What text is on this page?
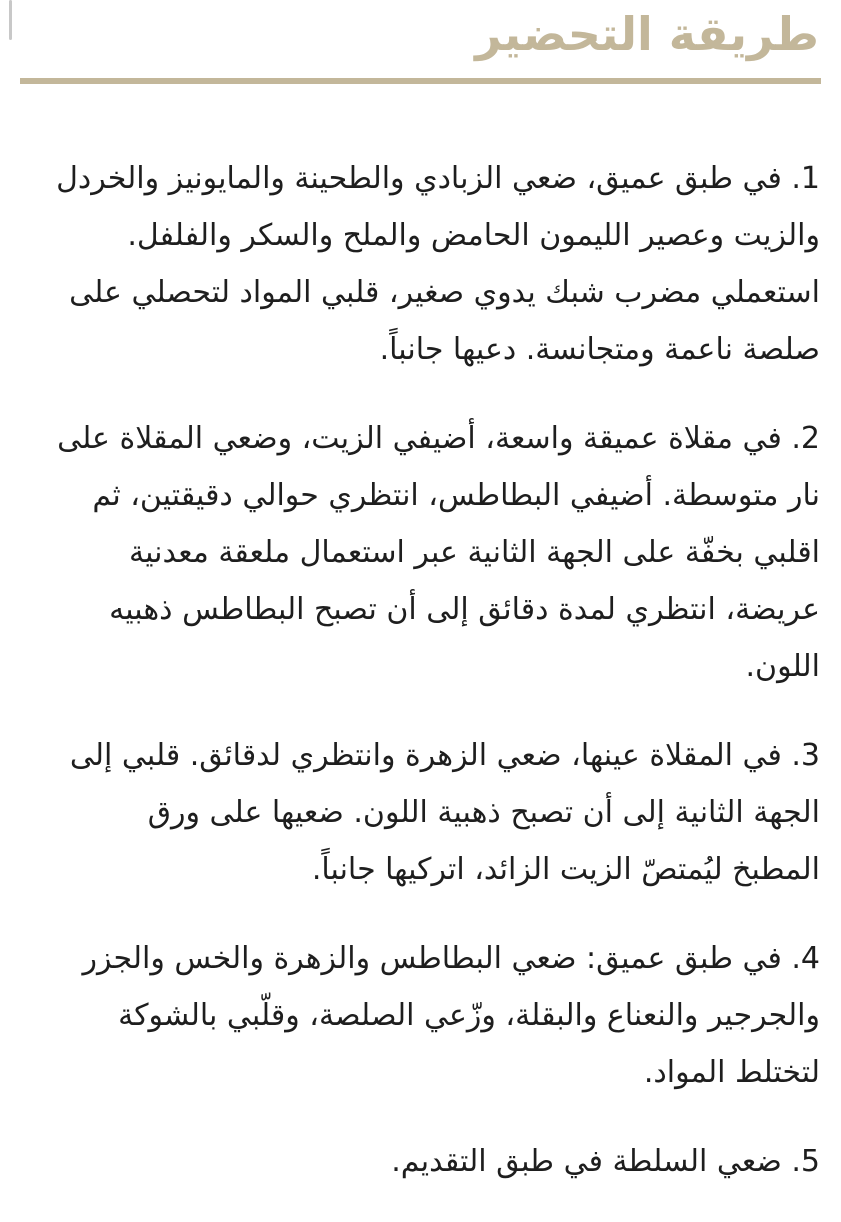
طريقة التحضير
1. في طبق عميق، ضعي الزبادي والطحينة والمايونيز والخردل والزيت وعصير الليمون الحامض والملح والسكر والفلفل. استعملي مضرب شبك يدوي صغير، قلبي المواد لتحصلي على صلصة ناعمة ومتجانسة. دعيها جانباً.
2. في مقلاة عميقة واسعة، أضيفي الزيت، وضعي المقلاة على نار متوسطة. أضيفي البطاطس، انتظري حوالي دقيقتين، ثم اقلبي بخفّة على الجهة الثانية عبر استعمال ملعقة معدنية عريضة، انتظري لمدة دقائق إلى أن تصبح البطاطس ذهبيه اللون.
3. في المقلاة عينها، ضعي الزهرة وانتظري لدقائق. قلبي إلى الجهة الثانية إلى أن تصبح ذهبية اللون. ضعيها على ورق المطبخ ليُمتصّ الزيت الزائد، اتركيها جانباً.
4. في طبق عميق: ضعي البطاطس والزهرة والخس والجزر والجرجير والنعناع والبقلة، وزّعي الصلصة، وقلّبي بالشوكة لتختلط المواد.
5. ضعي السلطة في طبق التقديم.
